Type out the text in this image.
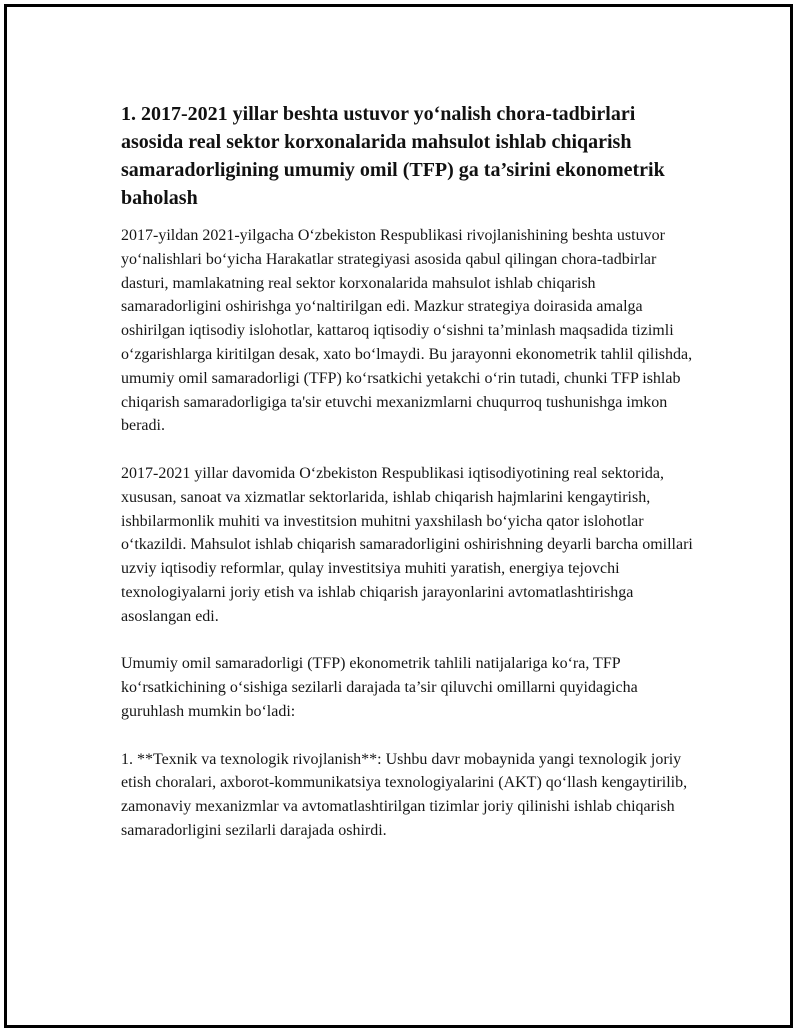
1. 2017-2021 yillar beshta ustuvor yo‘nalish chora-tadbirlari asosida real sektor korxonalarida mahsulot ishlab chiqarish samaradorligining umumiy omil (TFP) ga ta’sirini ekonometrik baholash

2017-yildan 2021-yilgacha O‘zbekiston Respublikasi rivojlanishining beshta ustuvor yo‘nalishlari bo‘yicha Harakatlar strategiyasi asosida qabul qilingan chora-tadbirlar dasturi, mamlakatning real sektor korxonalarida mahsulot ishlab chiqarish samaradorligini oshirishga yo‘naltirilgan edi. Mazkur strategiya doirasida amalga oshirilgan iqtisodiy islohotlar, kattaroq iqtisodiy o‘sishni ta’minlash maqsadida tizimli o‘zgarishlarga kiritilgan desak, xato bo‘lmaydi. Bu jarayonni ekonometrik tahlil qilishda, umumiy omil samaradorligi (TFP) ko‘rsatkichi yetakchi o‘rin tutadi, chunki TFP ishlab chiqarish samaradorligiga ta'sir etuvchi mexanizmlarni chuqurroq tushunishga imkon beradi.

2017-2021 yillar davomida O‘zbekiston Respublikasi iqtisodiyotining real sektorida, xususan, sanoat va xizmatlar sektorlarida, ishlab chiqarish hajmlarini kengaytirish, ishbilarmonlik muhiti va investitsion muhitni yaxshilash bo‘yicha qator islohotlar o‘tkazildi. Mahsulot ishlab chiqarish samaradorligini oshirishning deyarli barcha omillari uzviy iqtisodiy reformlar, qulay investitsiya muhiti yaratish, energiya tejovchi texnologiyalarni joriy etish va ishlab chiqarish jarayonlarini avtomatlashtirishga asoslangan edi.

Umumiy omil samaradorligi (TFP) ekonometrik tahlili natijalariga ko‘ra, TFP ko‘rsatkichining o‘sishiga sezilarli darajada ta’sir qiluvchi omillarni quyidagicha guruhlash mumkin bo‘ladi:

1. **Texnik va texnologik rivojlanish**: Ushbu davr mobaynida yangi texnologik joriy etish choralari, axborot-kommunikatsiya texnologiyalarini (AKT) qo‘llash kengaytirilib, zamonaviy mexanizmlar va avtomatlashtirilgan tizimlar joriy qilinishi ishlab chiqarish samaradorligini sezilarli darajada oshirdi.
